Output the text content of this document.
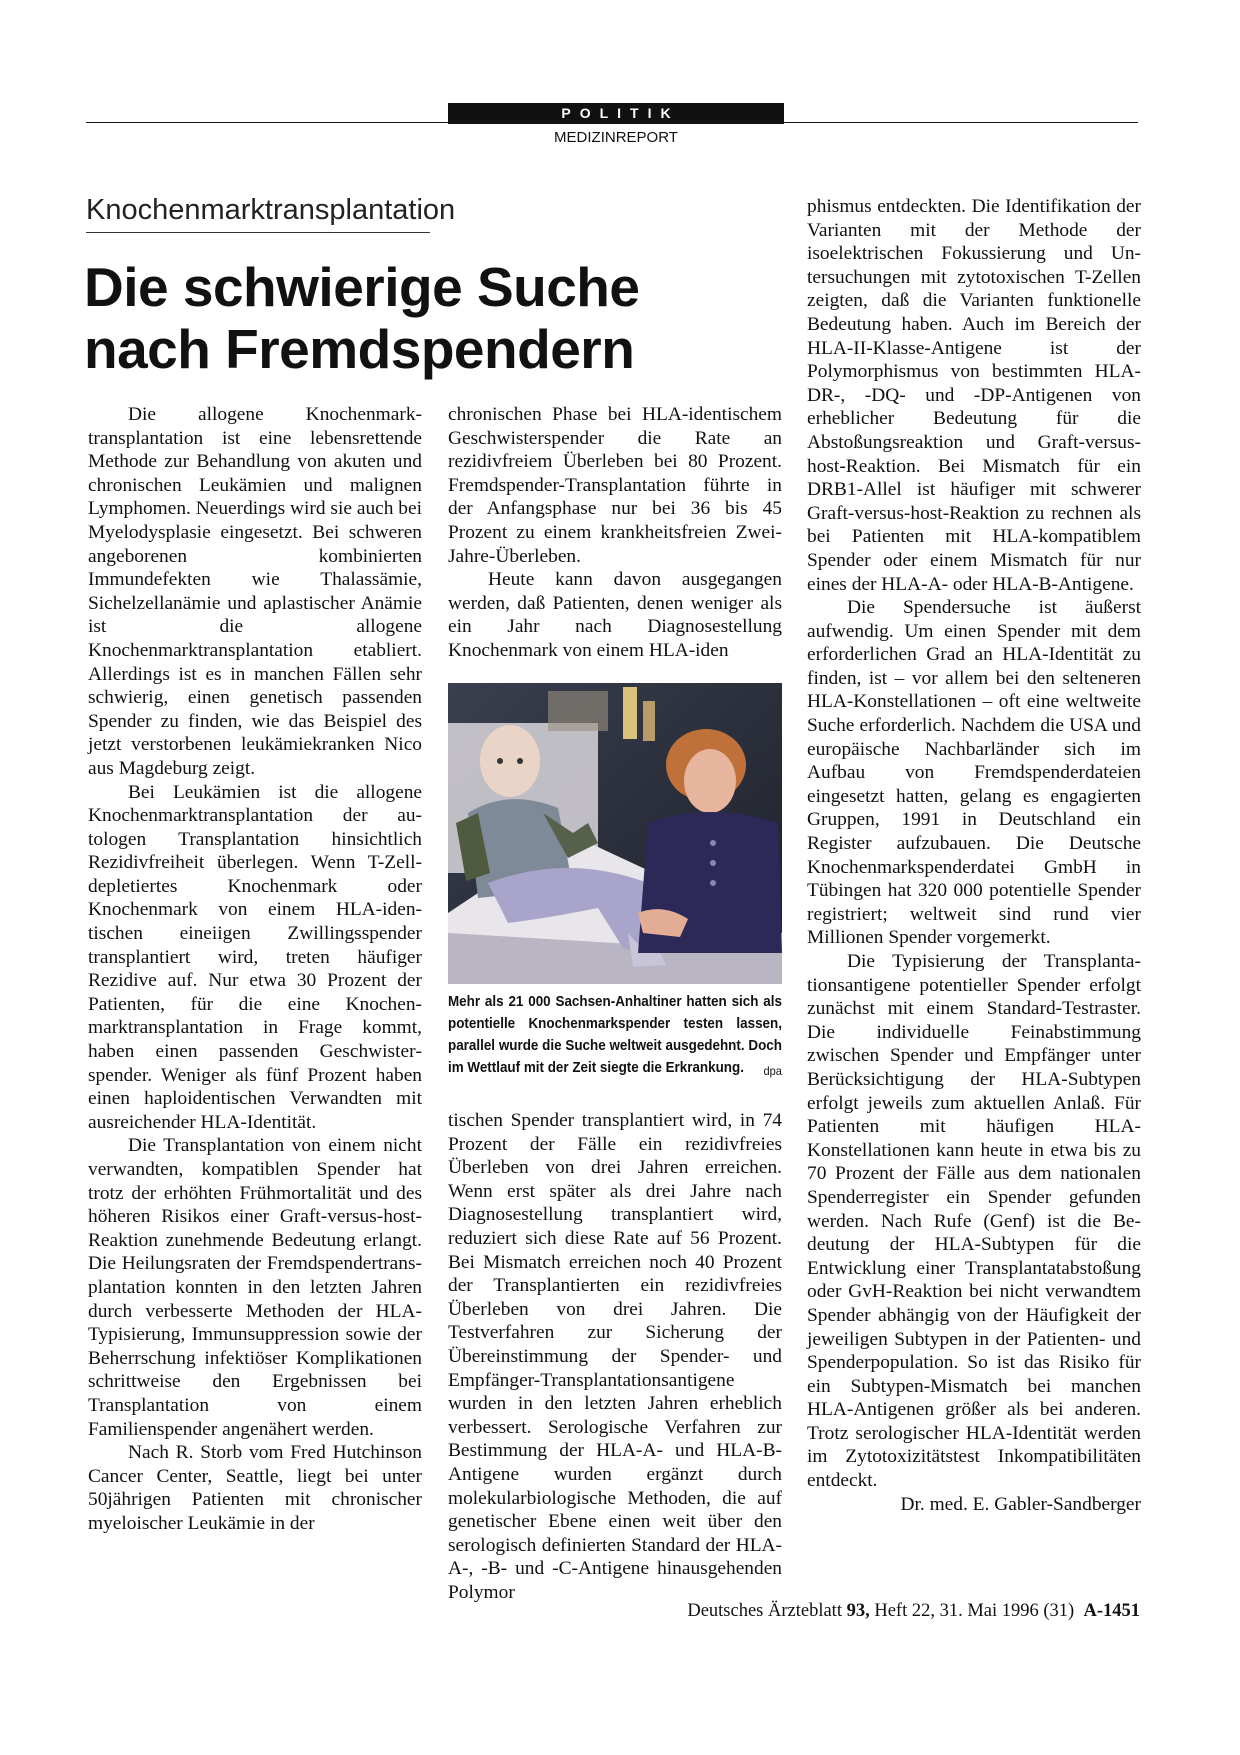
POLITIK
MEDIZINREPORT
Knochenmarktransplantation
Die schwierige Suche
nach Fremdspendern

Die allogene Knochenmarktransplantation ist eine lebensrettende Methode zur Behandlung von akuten und chronischen Leukämien und malignen Lymphomen. Neuerdings wird sie auch bei Myelodysplasie eingesetzt. Bei schweren angeborenen kombinierten Immundefekten wie Thalassämie, Sichelzellanämie und aplastischer Anämie ist die allogene Knochenmarktransplantation etabliert. Allerdings ist es in manchen Fällen sehr schwierig, einen genetisch passenden Spender zu finden, wie das Beispiel des jetzt verstorbenen leukämiekranken Nico aus Magdeburg zeigt.

Bei Leukämien ist die allogene Knochenmarktransplantation der autologen Transplantation hinsichtlich Rezidivfreiheit überlegen. Wenn T-Zell-depletiertes Knochenmark oder Knochenmark von einem HLA-identischen eineiigen Zwillingsspender transplantiert wird, treten häufiger Rezidive auf. Nur etwa 30 Prozent der Patienten, für die eine Knochenmarktransplantation in Frage kommt, haben einen passenden Geschwisterspender. Weniger als fünf Prozent haben einen haploidentischen Verwandten mit ausreichender HLA-Identität.

Die Transplantation von einem nicht verwandten, kompatiblen Spender hat trotz der erhöhten Frühmortalität und des höheren Risikos einer Graft-versus-host-Reaktion zunehmende Bedeutung erlangt. Die Heilungsraten der Fremdspendertransplantation konnten in den letzten Jahren durch verbesserte Methoden der HLA-Typisierung, Immunsuppression sowie der Beherrschung infektiöser Komplikationen schrittweise den Ergebnissen bei Transplantation von einem Familienspender angenähert werden.

Nach R. Storb vom Fred Hutchinson Cancer Center, Seattle, liegt bei unter 50jährigen Patienten mit chronischer myeloischer Leukämie in der

chronischen Phase bei HLA-identischem Geschwisterspender die Rate an rezidivfreiem Überleben bei 80 Prozent. Fremdspender-Transplantation führte in der Anfangsphase nur bei 36 bis 45 Prozent zu einem krankheitsfreien Zwei-Jahre-Überleben.

Heute kann davon ausgegangen werden, daß Patienten, denen weniger als ein Jahr nach Diagnosestellung Knochenmark von einem HLA-iden

Mehr als 21 000 Sachsen-Anhaltiner hatten sich als potentielle Knochenmarkspender testen lassen, parallel wurde die Suche weltweit ausgedehnt. Doch im Wettlauf mit der Zeit siegte die Erkrankung. dpa

tischen Spender transplantiert wird, in 74 Prozent der Fälle ein rezidivfreies Überleben von drei Jahren erreichen. Wenn erst später als drei Jahre nach Diagnosestellung transplantiert wird, reduziert sich diese Rate auf 56 Prozent. Bei Mismatch erreichen noch 40 Prozent der Transplantierten ein rezidivfreies Überleben von drei Jahren. Die Testverfahren zur Sicherung der Übereinstimmung der Spender- und Empfänger-Transplantationsantigene wurden in den letzten Jahren erheblich verbessert. Serologische Verfahren zur Bestimmung der HLA-A- und HLA-B-Antigene wurden ergänzt durch molekularbiologische Methoden, die auf genetischer Ebene einen weit über den serologisch definierten Standard der HLA-A-, -B- und -C-Antigene hinausgehenden Polymor

phismus entdeckten. Die Identifikation der Varianten mit der Methode der isoelektrischen Fokussierung und Untersuchungen mit zytotoxischen T-Zellen zeigten, daß die Varianten funktionelle Bedeutung haben. Auch im Bereich der HLA-II-Klasse-Antigene ist der Polymorphismus von bestimmten HLA-DR-, -DQ- und -DP-Antigenen von erheblicher Bedeutung für die Abstoßungsreaktion und Graft-versus-host-Reaktion. Bei Mismatch für ein DRB1-Allel ist häufiger mit schwerer Graft-versus-host-Reaktion zu rechnen als bei Patienten mit HLA-kompatiblem Spender oder einem Mismatch für nur eines der HLA-A- oder HLA-B-Antigene.

Die Spendersuche ist äußerst aufwendig. Um einen Spender mit dem erforderlichen Grad an HLA-Identität zu finden, ist – vor allem bei den selteneren HLA-Konstellationen – oft eine weltweite Suche erforderlich. Nachdem die USA und europäische Nachbarländer sich im Aufbau von Fremdspenderdateien eingesetzt hatten, gelang es engagierten Gruppen, 1991 in Deutschland ein Register aufzubauen. Die Deutsche Knochenmarkspenderdatei GmbH in Tübingen hat 320 000 potentielle Spender registriert; weltweit sind rund vier Millionen Spender vorgemerkt.

Die Typisierung der Transplantationsantigene potentieller Spender erfolgt zunächst mit einem Standard-Testraster. Die individuelle Feinabstimmung zwischen Spender und Empfänger unter Berücksichtigung der HLA-Subtypen erfolgt jeweils zum aktuellen Anlaß. Für Patienten mit häufigen HLA-Konstellationen kann heute in etwa bis zu 70 Prozent der Fälle aus dem nationalen Spenderregister ein Spender gefunden werden. Nach Rufe (Genf) ist die Bedeutung der HLA-Subtypen für die Entwicklung einer Transplantatabstoßung oder GvH-Reaktion bei nicht verwandtem Spender abhängig von der Häufigkeit der jeweiligen Subtypen in der Patienten- und Spenderpopulation. So ist das Risiko für ein Subtypen-Mismatch bei manchen HLA-Antigenen größer als bei anderen. Trotz serologischer HLA-Identität werden im Zytotoxizitätstest Inkompatibilitäten entdeckt.

Dr. med. E. Gabler-Sandberger

Deutsches Ärzteblatt 93, Heft 22, 31. Mai 1996 (31) A-1451
